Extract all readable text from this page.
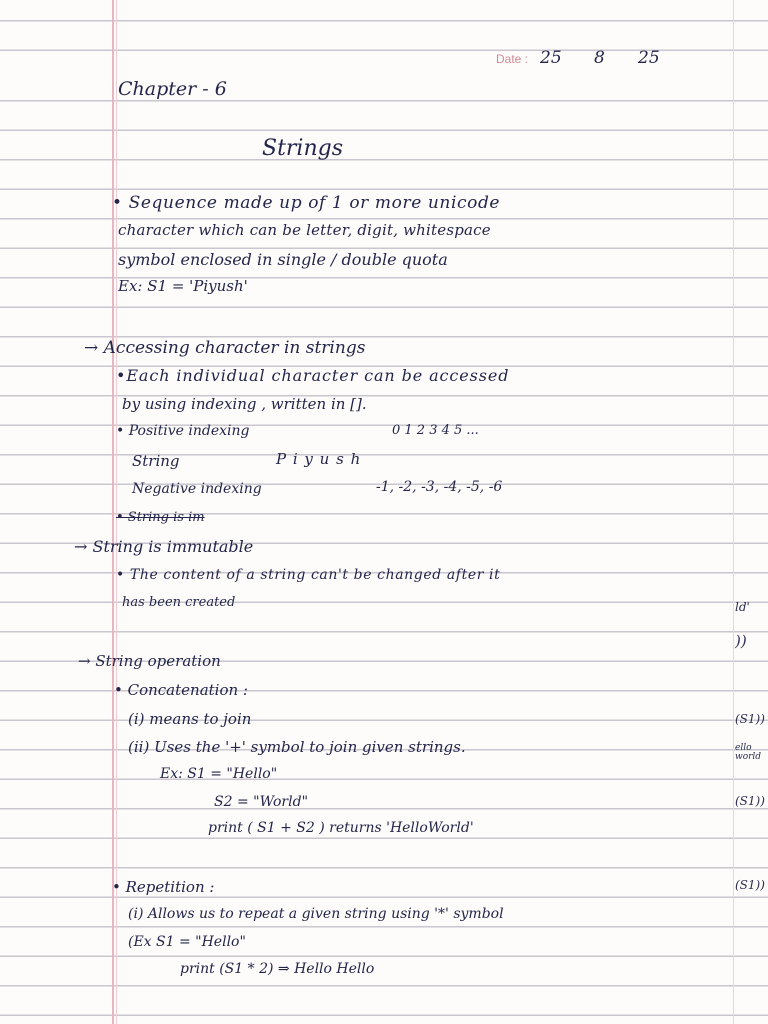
Date : 25 8 25
Chapter - 6
Strings
• Sequence made up of 1 or more unicode
character which can be letter, digit, whitespace
symbol enclosed in single / double quota
Ex: S1 = 'Piyush'
→ Accessing character in strings
•Each individual character can be accessed
by using indexing , written in [].
• Positive indexing	0 1 2 3 4 5 ...
String	P i y u s h
Negative indexing	-1, -2, -3, -4, -5, -6
• String is im
→ String is immutable
• The content of a string can't be changed after it
has been created
→ String operation
• Concatenation :
(i) means to join
(ii) Uses the '+' symbol to join given strings.
Ex: S1 = "Hello"
S2 = "World"
print ( S1 + S2 ) returns 'HelloWorld'
• Repetition :
(i) Allows us to repeat a given string using '*' symbol
(Ex S1 = "Hello"
print (S1 * 2) ⇒ Hello Hello
ld'
))
(S1))
ello world
(S1))
(S1))
